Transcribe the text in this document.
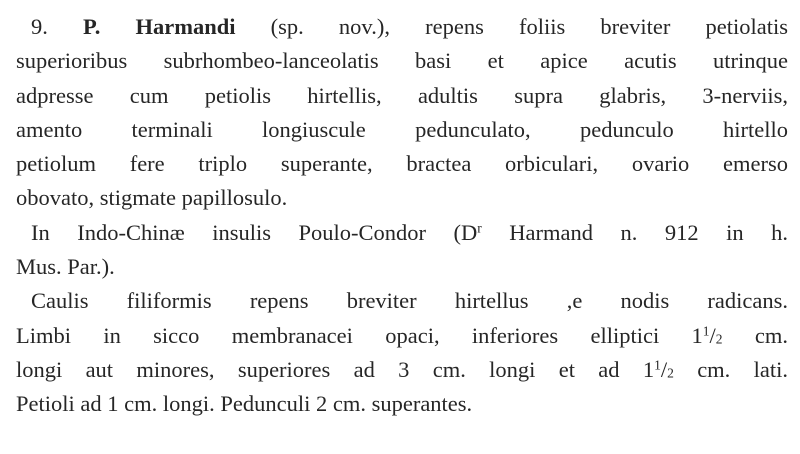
9. P. Harmandi (sp. nov.), repens foliis breviter petiolatis
superioribus subrhombeo-lanceolatis basi et apice acutis utrinque
adpresse cum petiolis hirtellis, adultis supra glabris, 3-nerviis,
amento terminali longiuscule pedunculato, pedunculo hirtello
petiolum fere triplo superante, bractea orbiculari, ovario emerso
obovato, stigmate papillosulo.
In Indo-Chinæ insulis Poulo-Condor ($D^r$ Harmand n. 912 in h.
Mus. Par.).
Caulis filiformis repens breviter hirtellus ,e nodis radicans.
Limbi in sicco membranacei opaci, inferiores elliptici $1^1/_2$ cm.
longi aut minores, superiores ad 3 cm. longi et ad $1^1/_2$ cm. lati.
Petioli ad 1 cm. longi. Pedunculi 2 cm. superantes.
